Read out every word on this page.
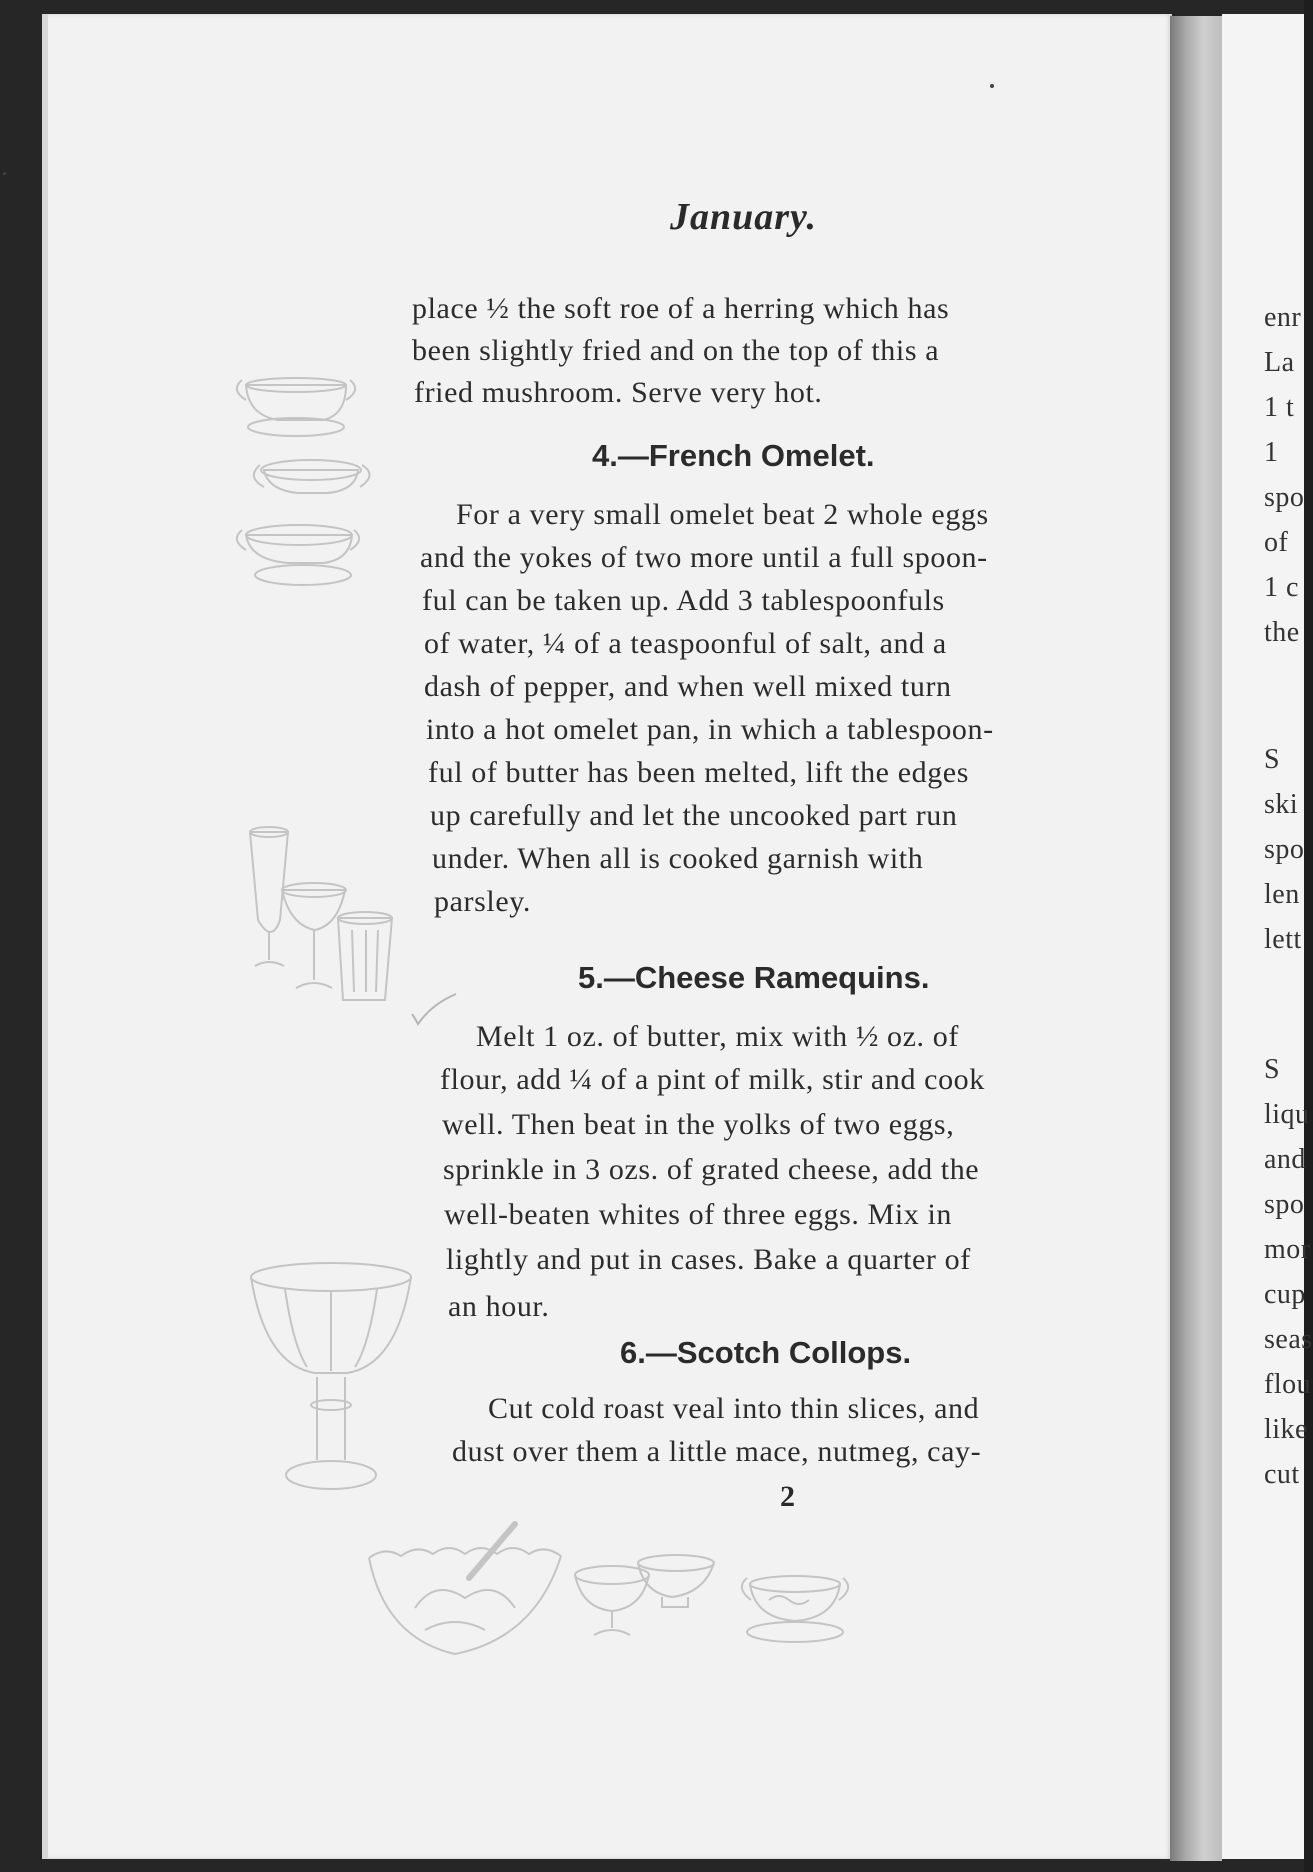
enr
La
1 t
1
spo
of
1 c
the
S
ski
spo
len
lett
S
liqu
and
spo
mor
cup
seas
flou
like
cut
January.
place ½ the soft roe of a herring which has
been slightly fried and on the top of this a
fried mushroom. Serve very hot.
4.—French Omelet.
For a very small omelet beat 2 whole eggs
and the yokes of two more until a full spoon-
ful can be taken up. Add 3 tablespoonfuls
of water, ¼ of a teaspoonful of salt, and a
dash of pepper, and when well mixed turn
into a hot omelet pan, in which a tablespoon-
ful of butter has been melted, lift the edges
up carefully and let the uncooked part run
under. When all is cooked garnish with
parsley.
5.—Cheese Ramequins.
Melt 1 oz. of butter, mix with ½ oz. of
flour, add ¼ of a pint of milk, stir and cook
well. Then beat in the yolks of two eggs,
sprinkle in 3 ozs. of grated cheese, add the
well-beaten whites of three eggs. Mix in
lightly and put in cases. Bake a quarter of
an hour.
6.—Scotch Collops.
Cut cold roast veal into thin slices, and
dust over them a little mace, nutmeg, cay-
2
